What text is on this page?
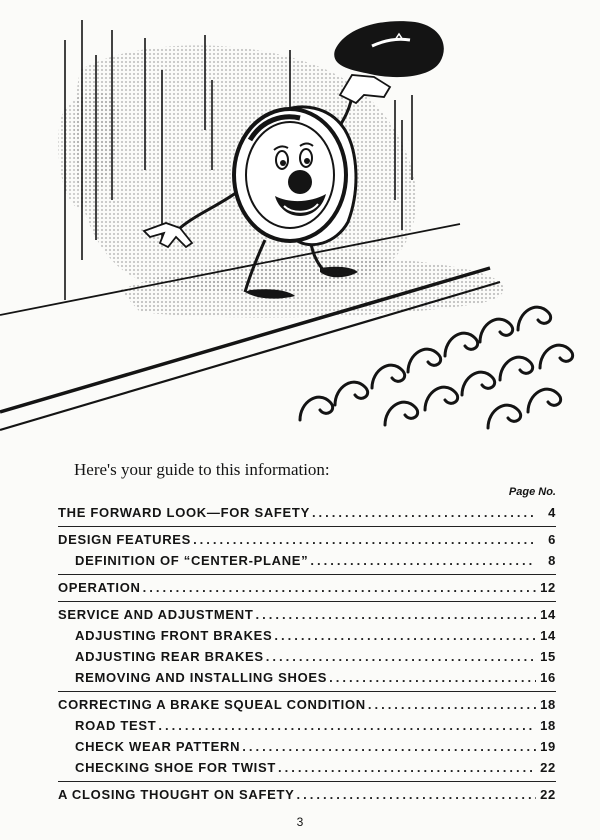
Here's your guide to this information:
Page No.
THE FORWARD LOOK—FOR SAFETY .....	4
DESIGN FEATURES .....	6
DEFINITION OF “CENTER-PLANE” .....	8
OPERATION .....	12
SERVICE AND ADJUSTMENT .....	14
ADJUSTING FRONT BRAKES .....	14
ADJUSTING REAR BRAKES .....	15
REMOVING AND INSTALLING SHOES .....	16
CORRECTING A BRAKE SQUEAL CONDITION .....	18
ROAD TEST .....	18
CHECK WEAR PATTERN .....	19
CHECKING SHOE FOR TWIST .....	22
A CLOSING THOUGHT ON SAFETY .....	22
3
